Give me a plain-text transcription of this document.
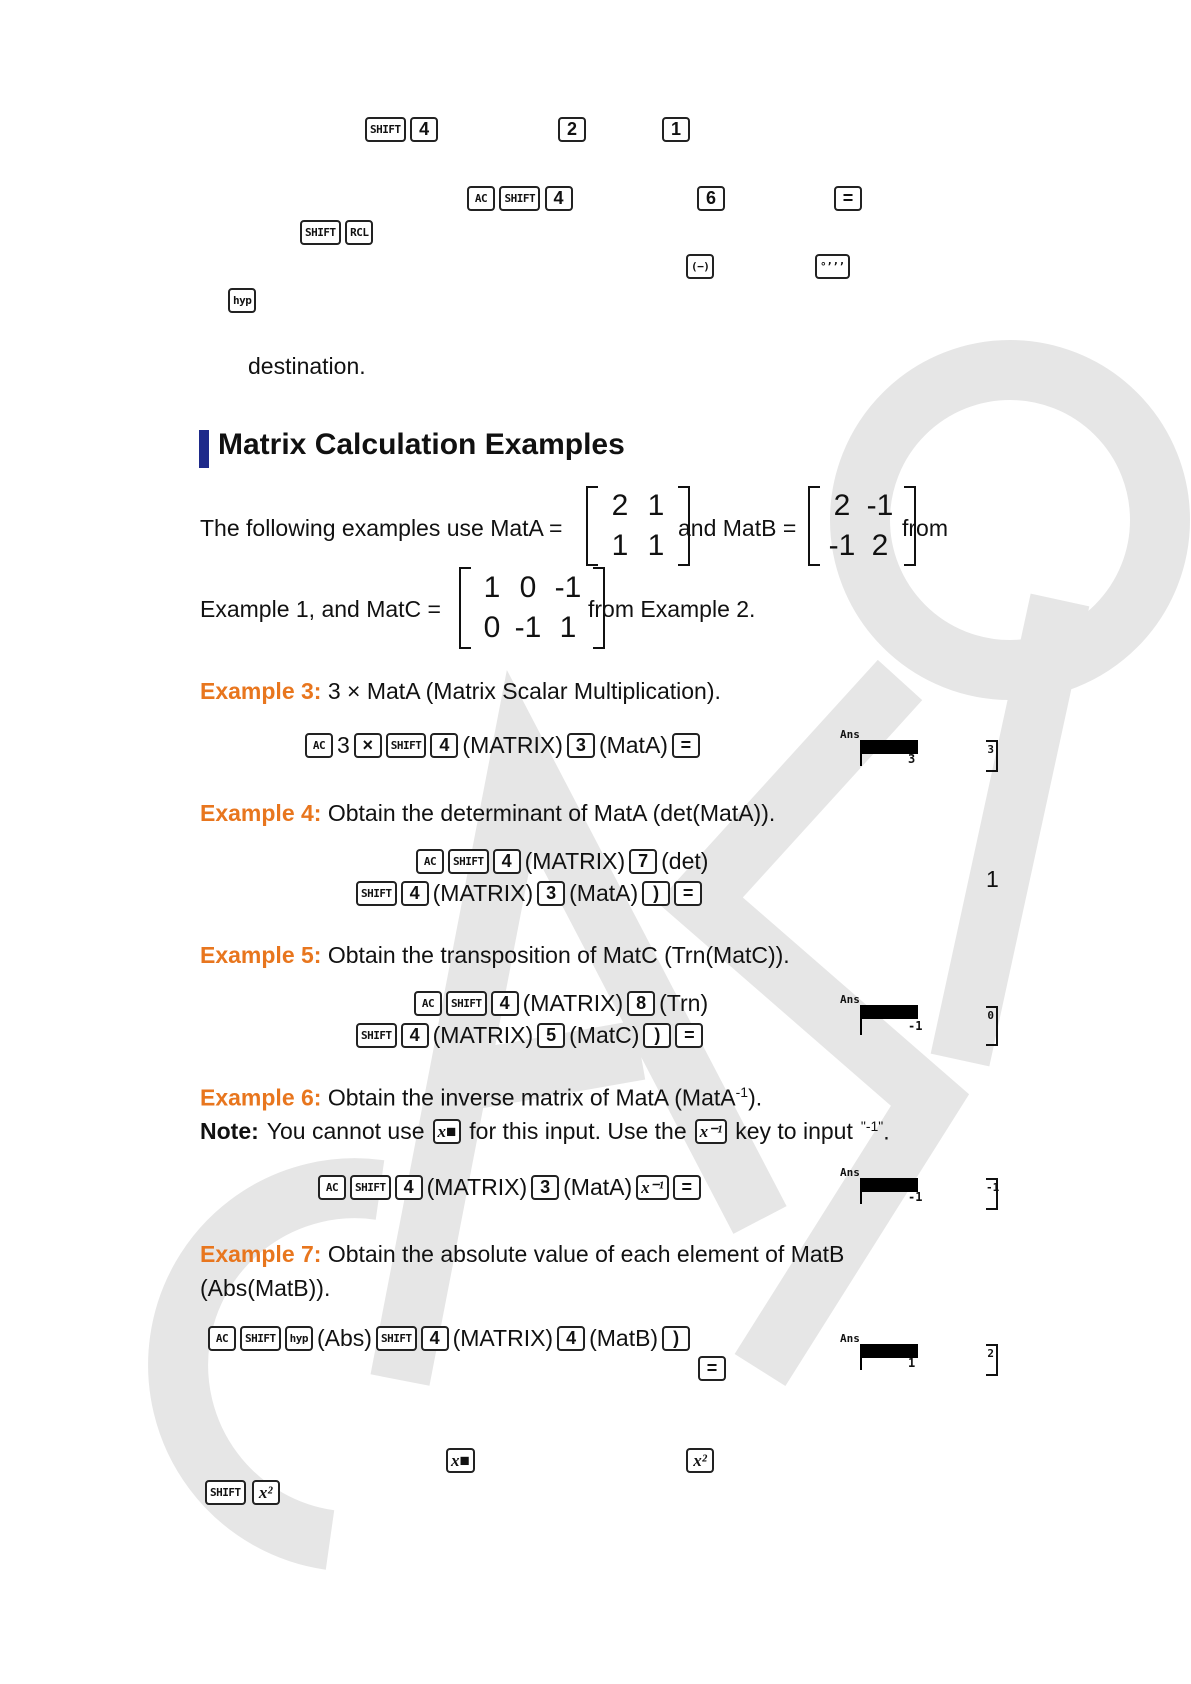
SHIFT 4	2	1
AC SHIFT 4	6	=
SHIFT RCL
(−)	°’’’
hyp
destination.
Matrix Calculation Examples
The following examples use MatA =
2 1
1 1
and MatB =
2 -1
-1 2
from
Example 1, and MatC =
1 0 -1
0 -1 1
from Example 2.
Example 3: 3 × MatA (Matrix Scalar Multiplication).
AC 3 ×	SHIFT 4 (MATRIX) 3 (MatA) =
Ans
3
3
Example 4: Obtain the determinant of MatA (det(MatA)).
AC	SHIFT 4 (MATRIX) 7 (det)
SHIFT 4 (MATRIX) 3 (MatA) )	=
1
Example 5: Obtain the transposition of MatC (Trn(MatC)).
AC	SHIFT 4 (MATRIX) 8 (Trn)
SHIFT 4 (MATRIX) 5 (MatC) )	=
Ans
-1
0
Example 6: Obtain the inverse matrix of MatA (MatA$^{-1}$).
Note: You cannot use x■ for this input. Use the x⁻¹ key to input $^{"-1"}$.
AC	SHIFT 4 (MATRIX) 3 (MatA) x⁻¹ =
Ans
-1
-1
Example 7: Obtain the absolute value of each element of MatB
(Abs(MatB)).
AC	SHIFT	hyp (Abs) SHIFT 4 (MATRIX) 4 (MatB) )
=
Ans
1
2
x■	x²
SHIFT	x²
